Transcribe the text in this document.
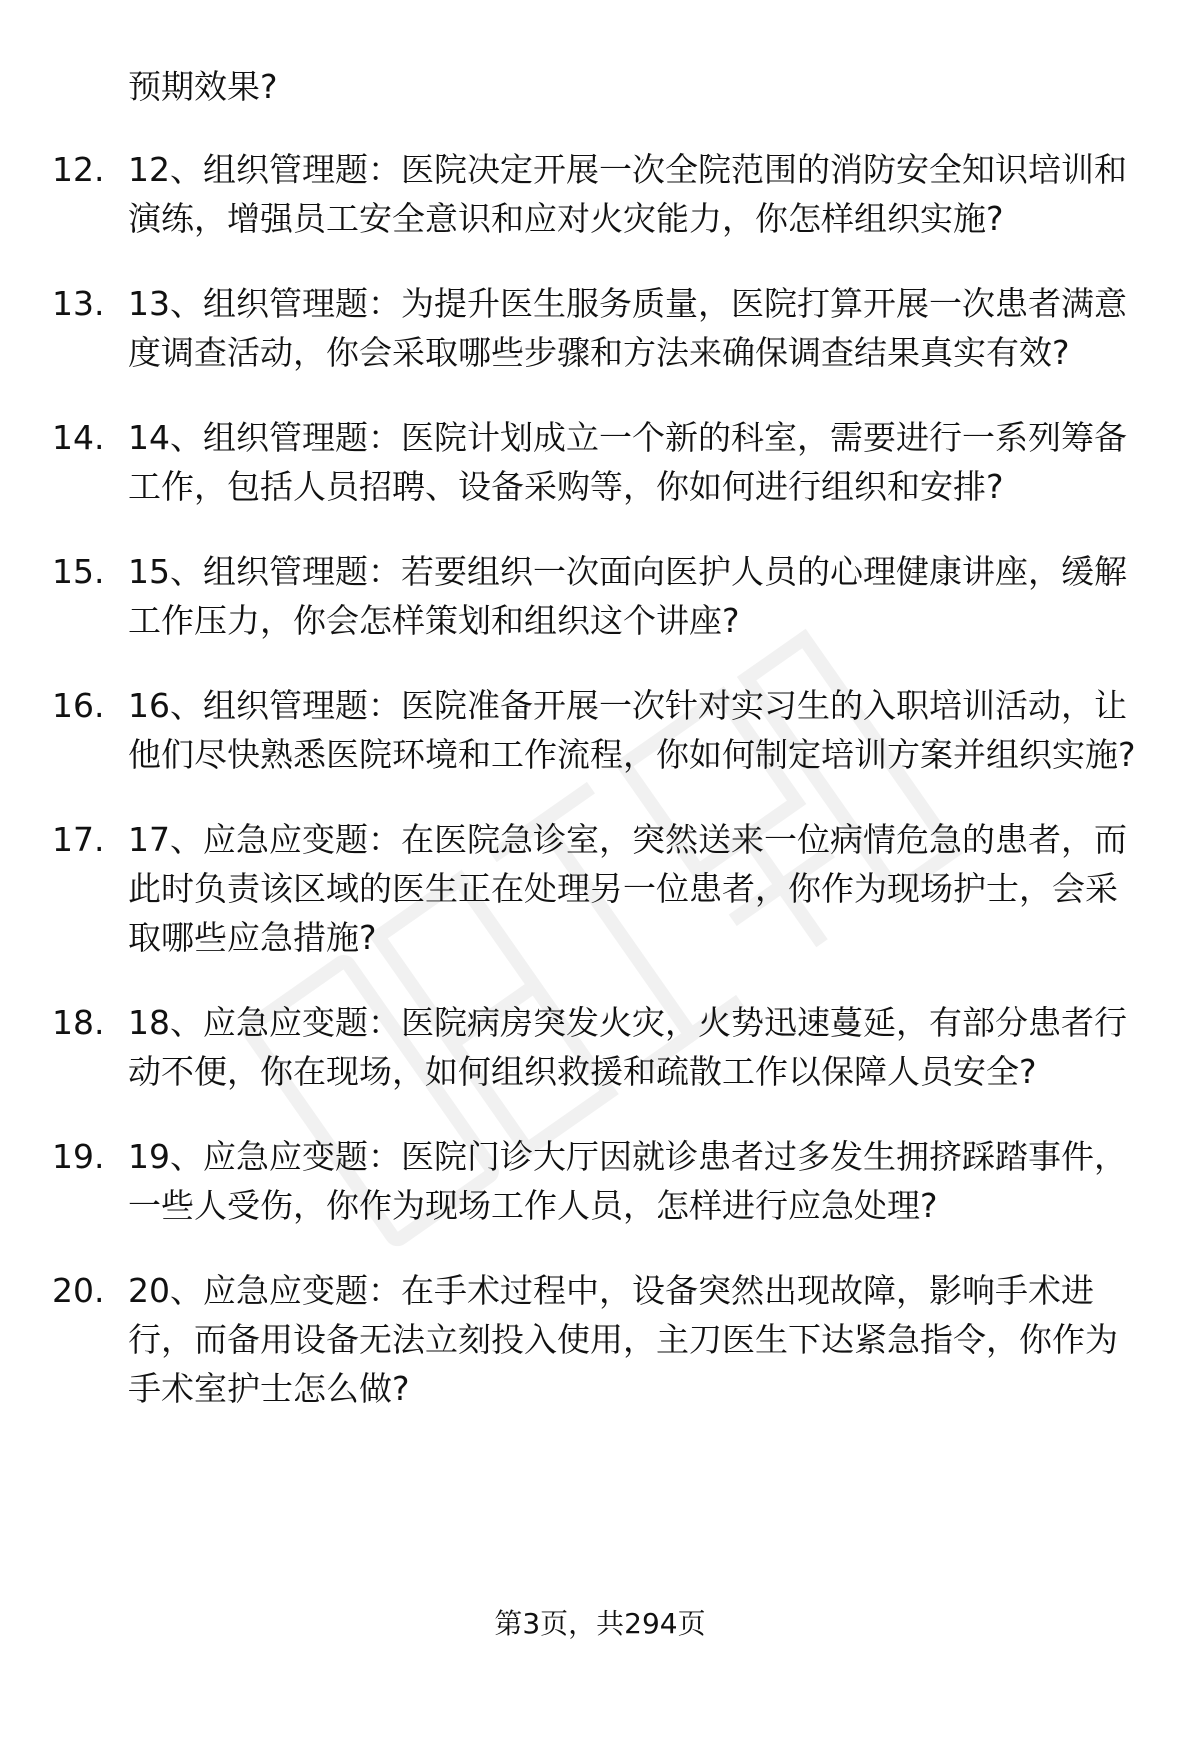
预期效果?

12. 12、组织管理题：医院决定开展一次全院范围的消防安全知识培训和演练，增强员工安全意识和应对火灾能力，你怎样组织实施?
13. 13、组织管理题：为提升医生服务质量，医院打算开展一次患者满意度调查活动，你会采取哪些步骤和方法来确保调查结果真实有效?
14. 14、组织管理题：医院计划成立一个新的科室，需要进行一系列筹备工作，包括人员招聘、设备采购等，你如何进行组织和安排?
15. 15、组织管理题：若要组织一次面向医护人员的心理健康讲座，缓解工作压力，你会怎样策划和组织这个讲座?
16. 16、组织管理题：医院准备开展一次针对实习生的入职培训活动，让他们尽快熟悉医院环境和工作流程，你如何制定培训方案并组织实施?
17. 17、应急应变题：在医院急诊室，突然送来一位病情危急的患者，而此时负责该区域的医生正在处理另一位患者，你作为现场护士，会采取哪些应急措施?
18. 18、应急应变题：医院病房突发火灾，火势迅速蔓延，有部分患者行动不便，你在现场，如何组织救援和疏散工作以保障人员安全?
19. 19、应急应变题：医院门诊大厅因就诊患者过多发生拥挤踩踏事件，一些人受伤，你作为现场工作人员，怎样进行应急处理?
20. 20、应急应变题：在手术过程中，设备突然出现故障，影响手术进行，而备用设备无法立刻投入使用，主刀医生下达紧急指令，你作为手术室护士怎么做?
第3页，共294页
